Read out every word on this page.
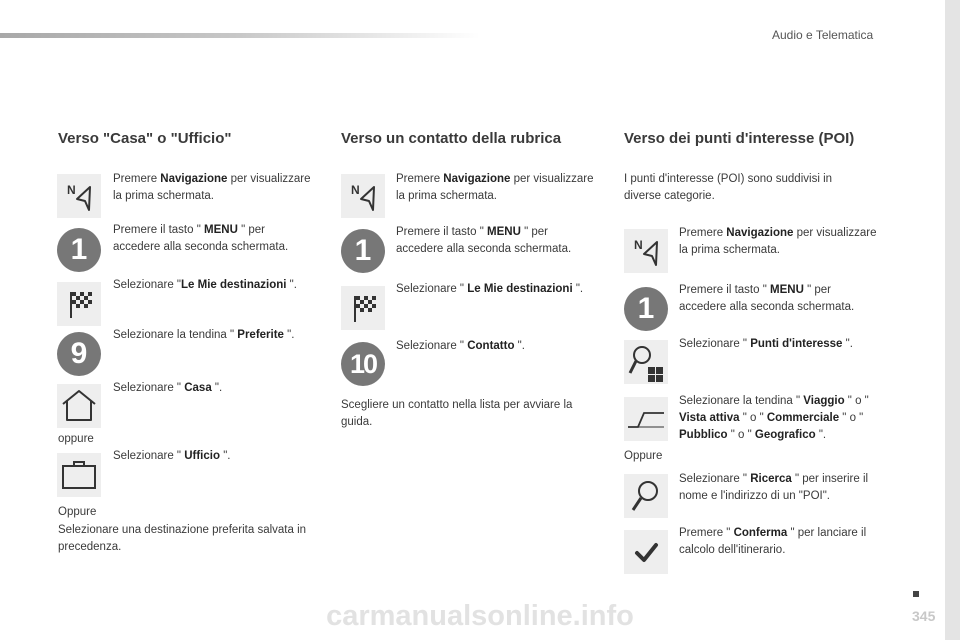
Audio e Telematica
Verso "Casa" o "Ufficio"
N
Premere Navigazione per visualizzare la prima schermata.
1
Premere il tasto " MENU " per accedere alla seconda schermata.
Selezionare "Le Mie destinazioni ".
9
Selezionare la tendina " Preferite ".
Selezionare " Casa ".
oppure
Selezionare " Ufficio ".
Oppure
Selezionare una destinazione preferita salvata in precedenza.
Verso un contatto della rubrica
N
Premere Navigazione per visualizzare la prima schermata.
1
Premere il tasto " MENU " per accedere alla seconda schermata.
Selezionare " Le Mie destinazioni ".
10
Selezionare " Contatto ".
Scegliere un contatto nella lista per avviare la guida.
Verso dei punti d'interesse (POI)
I punti d'interesse (POI) sono suddivisi in diverse categorie.
N
Premere Navigazione per visualizzare la prima schermata.
1
Premere il tasto " MENU " per accedere alla seconda schermata.
Selezionare " Punti d'interesse ".
Selezionare la tendina " Viaggio " o " Vista attiva " o " Commerciale " o " Pubblico " o " Geografico ".
Oppure
Selezionare " Ricerca " per inserire il nome e l'indirizzo di un "POI".
Premere " Conferma " per lanciare il calcolo dell'itinerario.
345
carmanualsonline.info
